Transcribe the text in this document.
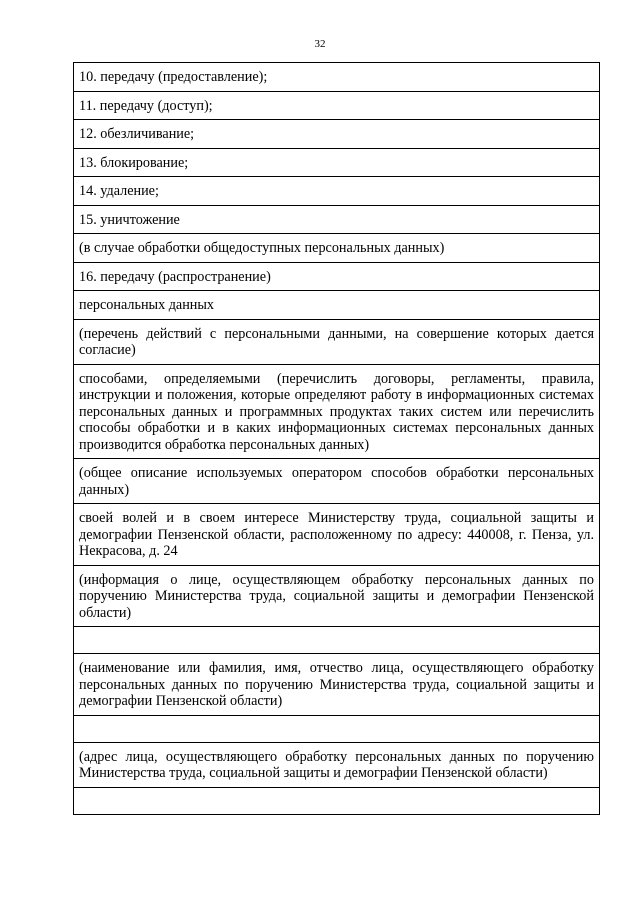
32
10. передачу (предоставление);
11. передачу (доступ);
12. обезличивание;
13. блокирование;
14. удаление;
15. уничтожение
(в случае обработки общедоступных персональных данных)
16. передачу (распространение)
персональных данных
(перечень действий с персональными данными, на совершение которых дается согласие)
способами, определяемыми (перечислить договоры, регламенты, правила, инструкции и положения, которые определяют работу в информационных системах персональных данных и программных продуктах таких систем или перечислить способы обработки и в каких информационных системах персональных данных производится обработка персональных данных)
(общее описание используемых оператором способов обработки персональных данных)
своей волей и в своем интересе Министерству труда, социальной защиты и демографии Пензенской области, расположенному по адресу: 440008, г. Пенза, ул. Некрасова, д. 24
(информация о лице, осуществляющем обработку персональных данных по поручению Министерства труда, социальной защиты и демографии Пензенской области)

(наименование или фамилия, имя, отчество лица, осуществляющего обработку персональных данных по поручению Министерства труда, социальной защиты и демографии Пензенской области)

(адрес лица, осуществляющего обработку персональных данных по поручению Министерства труда, социальной защиты и демографии Пензенской области)
